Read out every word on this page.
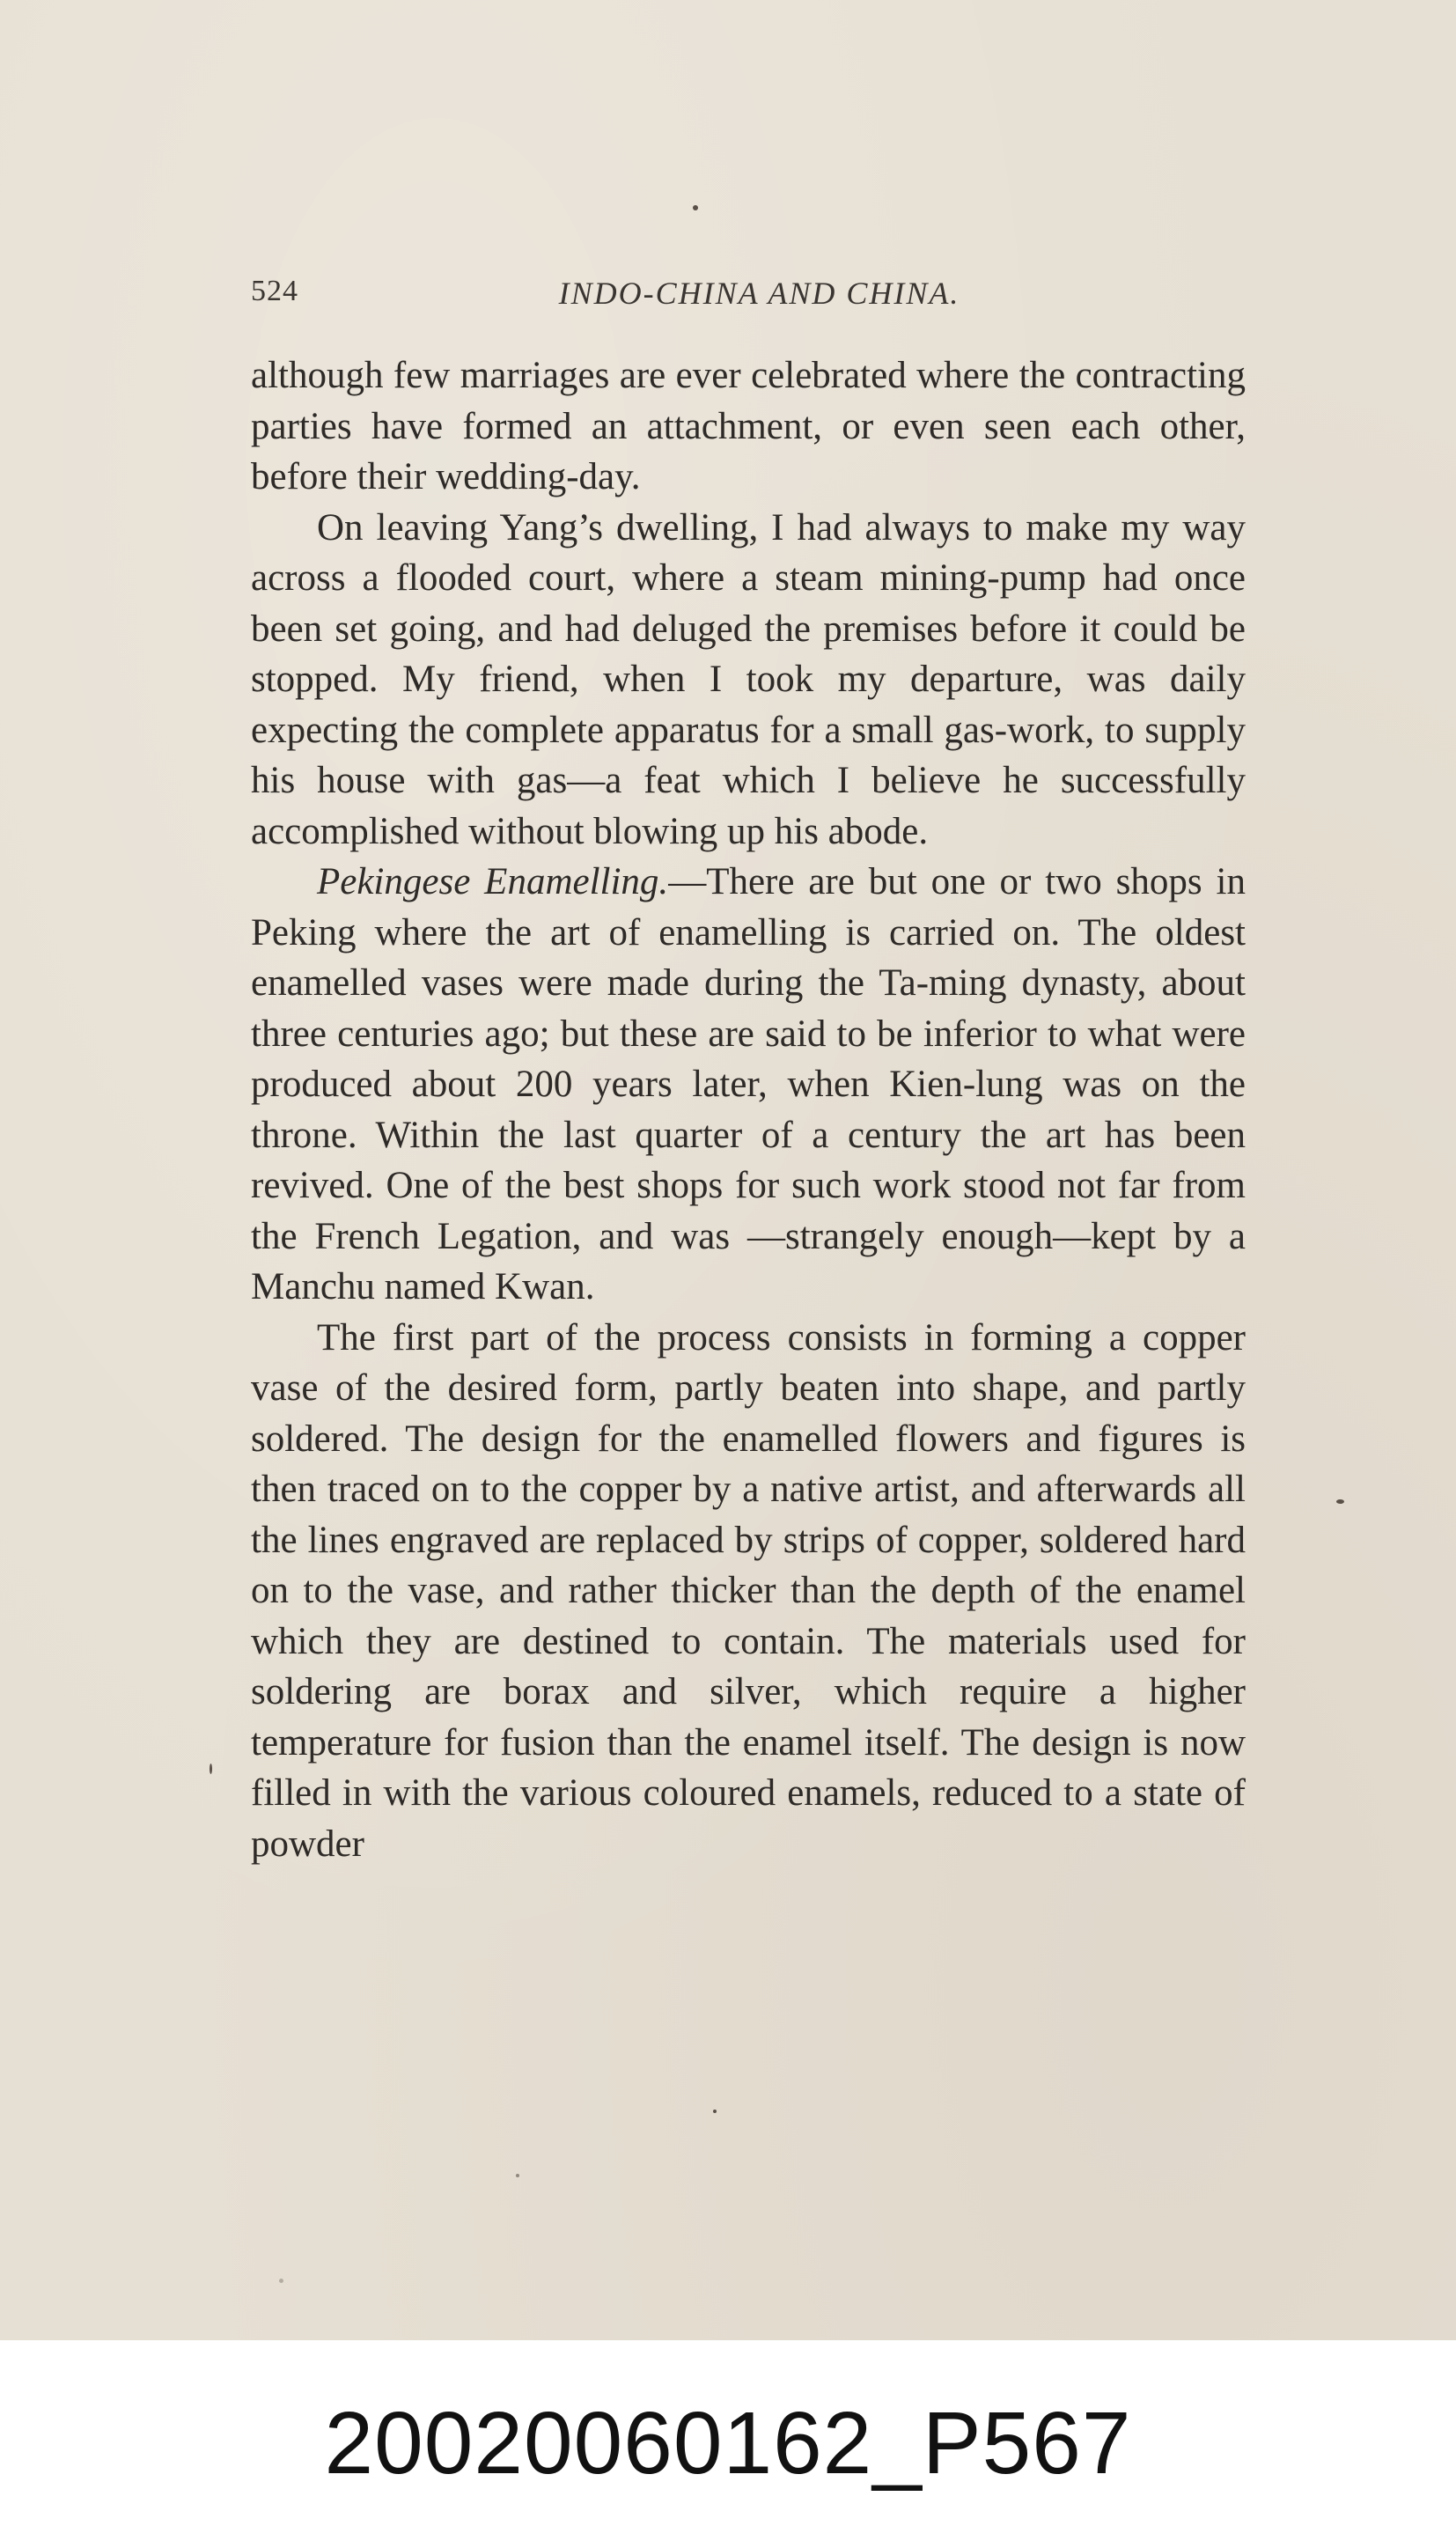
524	INDO-CHINA AND CHINA.

although few marriages are ever celebrated where the contracting parties have formed an attachment, or even seen each other, before their wedding-day.

On leaving Yang’s dwelling, I had always to make my way across a flooded court, where a steam mining-pump had once been set going, and had deluged the premises before it could be stopped. My friend, when I took my departure, was daily expecting the complete apparatus for a small gas-work, to supply his house with gas—a feat which I believe he successfully accomplished without blowing up his abode.

Pekingese Enamelling.—There are but one or two shops in Peking where the art of enamelling is carried on. The oldest enamelled vases were made during the Ta-ming dynasty, about three centuries ago; but these are said to be inferior to what were produced about 200 years later, when Kien-lung was on the throne. Within the last quarter of a century the art has been revived. One of the best shops for such work stood not far from the French Legation, and was —strangely enough—kept by a Manchu named Kwan.

The first part of the process consists in forming a copper vase of the desired form, partly beaten into shape, and partly soldered. The design for the enamelled flowers and figures is then traced on to the copper by a native artist, and afterwards all the lines engraved are replaced by strips of copper, soldered hard on to the vase, and rather thicker than the depth of the enamel which they are destined to contain. The materials used for soldering are borax and silver, which require a higher temperature for fusion than the enamel itself. The design is now filled in with the various coloured enamels, reduced to a state of powder

20020060162_P567
